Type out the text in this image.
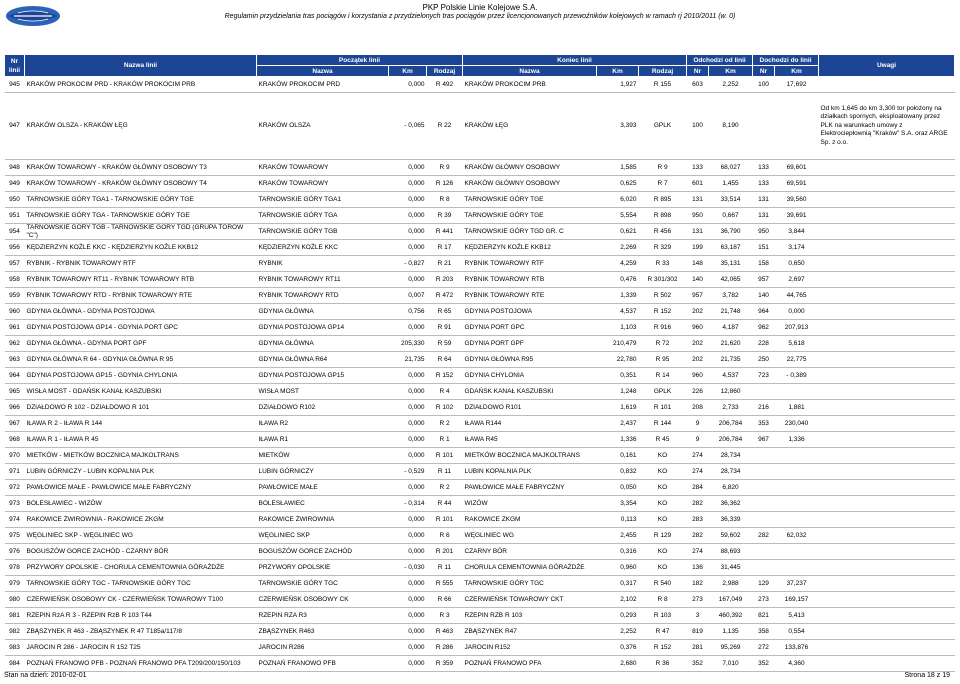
PKP Polskie Linie Kolejowe S.A.
Regulamin przydzielania tras pociągów i korzystania z przydzielonych tras pociągów przez licencjonowanych przewoźników kolejowych w ramach rj 2010/2011 (w. 0)
Nr linii	Nazwa linii	Początek linii			Koniec linii			Odchodzi od linii		Dochodzi do linii		Uwagi
		Nazwa	Km	Rodzaj	Nazwa	Km	Rodzaj	Nr	Km	Nr	Km	
945	KRAKÓW PROKOCIM PRD - KRAKÓW PROKOCIM PRB	KRAKÓW PROKOCIM PRD	0,000	R 492	KRAKÓW PROKOCIM PRB	1,927	R 155	603	2,252	100	17,692	
947	KRAKÓW OLSZA - KRAKÓW ŁĘG	KRAKÓW OLSZA	- 0,065	R 22	KRAKÓW ŁĘG	3,393	GPLK	100	8,190			Od km 1,645 do km 3,300 tor położony na działkach spornych, eksploatowany przez PLK na warunkach umowy z Elektrociepłownią "Kraków" S.A. oraz ARGE Sp. z o.o.
948	KRAKÓW TOWAROWY - KRAKÓW GŁÓWNY OSOBOWY T3	KRAKÓW TOWAROWY	0,000	R 9	KRAKÓW GŁÓWNY OSOBOWY	1,585	R 9	133	68,027	133	69,601	
949	KRAKÓW TOWAROWY - KRAKÓW GŁÓWNY OSOBOWY T4	KRAKÓW TOWAROWY	0,000	R 126	KRAKÓW GŁÓWNY OSOBOWY	0,625	R 7	601	1,455	133	69,591	
950	TARNOWSKIE GÓRY TGA1 - TARNOWSKIE GÓRY TGE	TARNOWSKIE GÓRY TGA1	0,000	R 8	TARNOWSKIE GÓRY TGE	6,020	R 895	131	33,514	131	39,560	
951	TARNOWSKIE GÓRY TGA - TARNOWSKIE GÓRY TGE	TARNOWSKIE GÓRY TGA	0,000	R 39	TARNOWSKIE GÓRY TGE	5,554	R 898	950	0,667	131	39,691	
954	TARNOWSKIE GÓRY TGB - TARNOWSKIE GÓRY TGD (GRUPA TORÓW "C")	TARNOWSKIE GÓRY TGB	0,000	R 441	TARNOWSKIE GÓRY TGD GR. C	0,621	R 456	131	36,790	950	3,844	
956	KĘDZIERZYN KOŹLE KKC - KĘDZIERZYN KOŹLE KKB12	KĘDZIERZYN KOŹLE KKC	0,000	R 17	KĘDZIERZYN KOŹLE KKB12	2,269	R 329	199	63,187	151	3,174	
957	RYBNIK - RYBNIK TOWAROWY RTF	RYBNIK	- 0,827	R 21	RYBNIK TOWAROWY RTF	4,259	R 33	148	35,131	158	0,650	
958	RYBNIK TOWAROWY RT11 - RYBNIK TOWAROWY RTB	RYBNIK TOWAROWY RT11	0,000	R 203	RYBNIK TOWAROWY RTB	0,476	R 301/302	140	42,065	957	2,697	
959	RYBNIK TOWAROWY RTD - RYBNIK TOWAROWY RTE	RYBNIK TOWAROWY RTD	0,007	R 472	RYBNIK TOWAROWY RTE	1,339	R 502	957	3,782	140	44,765	
960	GDYNIA GŁÓWNA - GDYNIA POSTOJOWA	GDYNIA GŁÓWNA	0,756	R 65	GDYNIA POSTOJOWA	4,537	R 152	202	21,748	964	0,000	
961	GDYNIA POSTOJOWA GP14 - GDYNIA PORT GPC	GDYNIA POSTOJOWA GP14	0,000	R 91	GDYNIA PORT GPC	1,103	R 916	960	4,187	962	207,913	
962	GDYNIA GŁÓWNA - GDYNIA PORT GPF	GDYNIA GŁÓWNA	205,330	R 59	GDYNIA PORT GPF	210,479	R 72	202	21,620	228	5,618	
963	GDYNIA GŁÓWNA R 64 - GDYNIA GŁÓWNA R 95	GDYNIA GŁÓWNA R64	21,735	R 64	GDYNIA GŁÓWNA R95	22,780	R 95	202	21,735	250	22,775	
964	GDYNIA POSTOJOWA GP15 - GDYNIA CHYLONIA	GDYNIA POSTOJOWA GP15	0,000	R 152	GDYNIA CHYLONIA	0,351	R 14	960	4,537	723	- 0,389	
965	WISŁA MOST - GDAŃSK KANAŁ KASZUBSKI	WISŁA MOST	0,000	R 4	GDAŃSK KANAŁ KASZUBSKI	1,248	GPLK	226	12,860			
966	DZIAŁDOWO R 102 - DZIAŁDOWO R 101	DZIAŁDOWO R102	0,000	R 102	DZIAŁDOWO R101	1,619	R 101	208	2,733	216	1,881	
967	IŁAWA R 2 - IŁAWA R 144	IŁAWA R2	0,000	R 2	IŁAWA R144	2,437	R 144	9	206,784	353	230,040	
968	IŁAWA R 1 - IŁAWA R 45	IŁAWA R1	0,000	R 1	IŁAWA R45	1,336	R 45	9	206,784	967	1,336	
970	MIETKÓW - MIETKÓW BOCZNICA MAJKOLTRANS	MIETKÓW	0,000	R 101	MIETKÓW BOCZNICA MAJKOLTRANS	0,161	KO	274	28,734			
971	LUBIN GÓRNICZY - LUBIN KOPALNIA PLK	LUBIN GÓRNICZY	- 0,529	R 11	LUBIN KOPALNIA PLK	0,832	KO	274	28,734			
972	PAWŁOWICE MAŁE - PAWŁOWICE MAŁE FABRYCZNY	PAWŁOWICE MAŁE	0,000	R 2	PAWŁOWICE MAŁE FABRYCZNY	0,050	KO	284	6,820			
973	BOLESŁAWIEC - WIZÓW	BOLESŁAWIEC	- 0,314	R 44	WIZÓW	3,354	KO	282	36,362			
974	RAKOWICE ŻWIROWNIA - RAKOWICE ZKGM	RAKOWICE ŻWIROWNIA	0,000	R 101	RAKOWICE ZKGM	0,113	KO	283	36,339			
975	WĘGLINIEC SKP - WĘGLINIEC WG	WĘGLINIEC SKP	0,000	R 6	WĘGLINIEC WG	2,455	R 129	282	59,602	282	62,032	
976	BOGUSZÓW GORCE ZACHÓD - CZARNY BÓR	BOGUSZÓW GORCE ZACHÓD	0,000	R 201	CZARNY BÓR	0,316	KO	274	88,693			
978	PRZYWORY OPOLSKIE - CHORULA CEMENTOWNIA GÓRAŻDŻE	PRZYWORY OPOLSKIE	- 0,030	R 11	CHORULA CEMENTOWNIA GÓRAŻDŻE	0,960	KO	136	31,445			
979	TARNOWSKIE GÓRY TGC - TARNOWSKIE GÓRY TGC	TARNOWSKIE GÓRY TGC	0,000	R 555	TARNOWSKIE GÓRY TGC	0,317	R 540	182	2,988	129	37,237	
980	CZERWIEŃSK OSOBOWY CK - CZERWIEŃSK TOWAROWY T100	CZERWIEŃSK OSOBOWY CK	0,000	R 66	CZERWIEŃSK TOWAROWY CKT	2,102	R 8	273	167,049	273	169,157	
981	RZEPIN RzA R 3 - RZEPIN RzB R 103 T44	RZEPIN RZA R3	0,000	R 3	RZEPIN RZB R 103	0,293	R 103	3	460,392	821	5,413	
982	ZBĄSZYNEK R 463 - ZBĄSZYNEK R 47 T185a/117/8	ZBĄSZYNEK R463	0,000	R 463	ZBĄSZYNEK R47	2,252	R 47	819	1,135	358	0,554	
983	JAROCIN R 286 - JAROCIN R 152 T25	JAROCIN R286	0,000	R 286	JAROCIN R152	0,376	R 152	281	95,269	272	133,876	
984	POZNAŃ FRANOWO PFB - POZNAŃ FRANOWO PFA T209/200/150/103	POZNAŃ FRANOWO PFB	0,000	R 359	POZNAŃ FRANOWO PFA	2,680	R 36	352	7,010	352	4,360	
Stan na dzień: 2010-02-01	Strona 18 z 19
